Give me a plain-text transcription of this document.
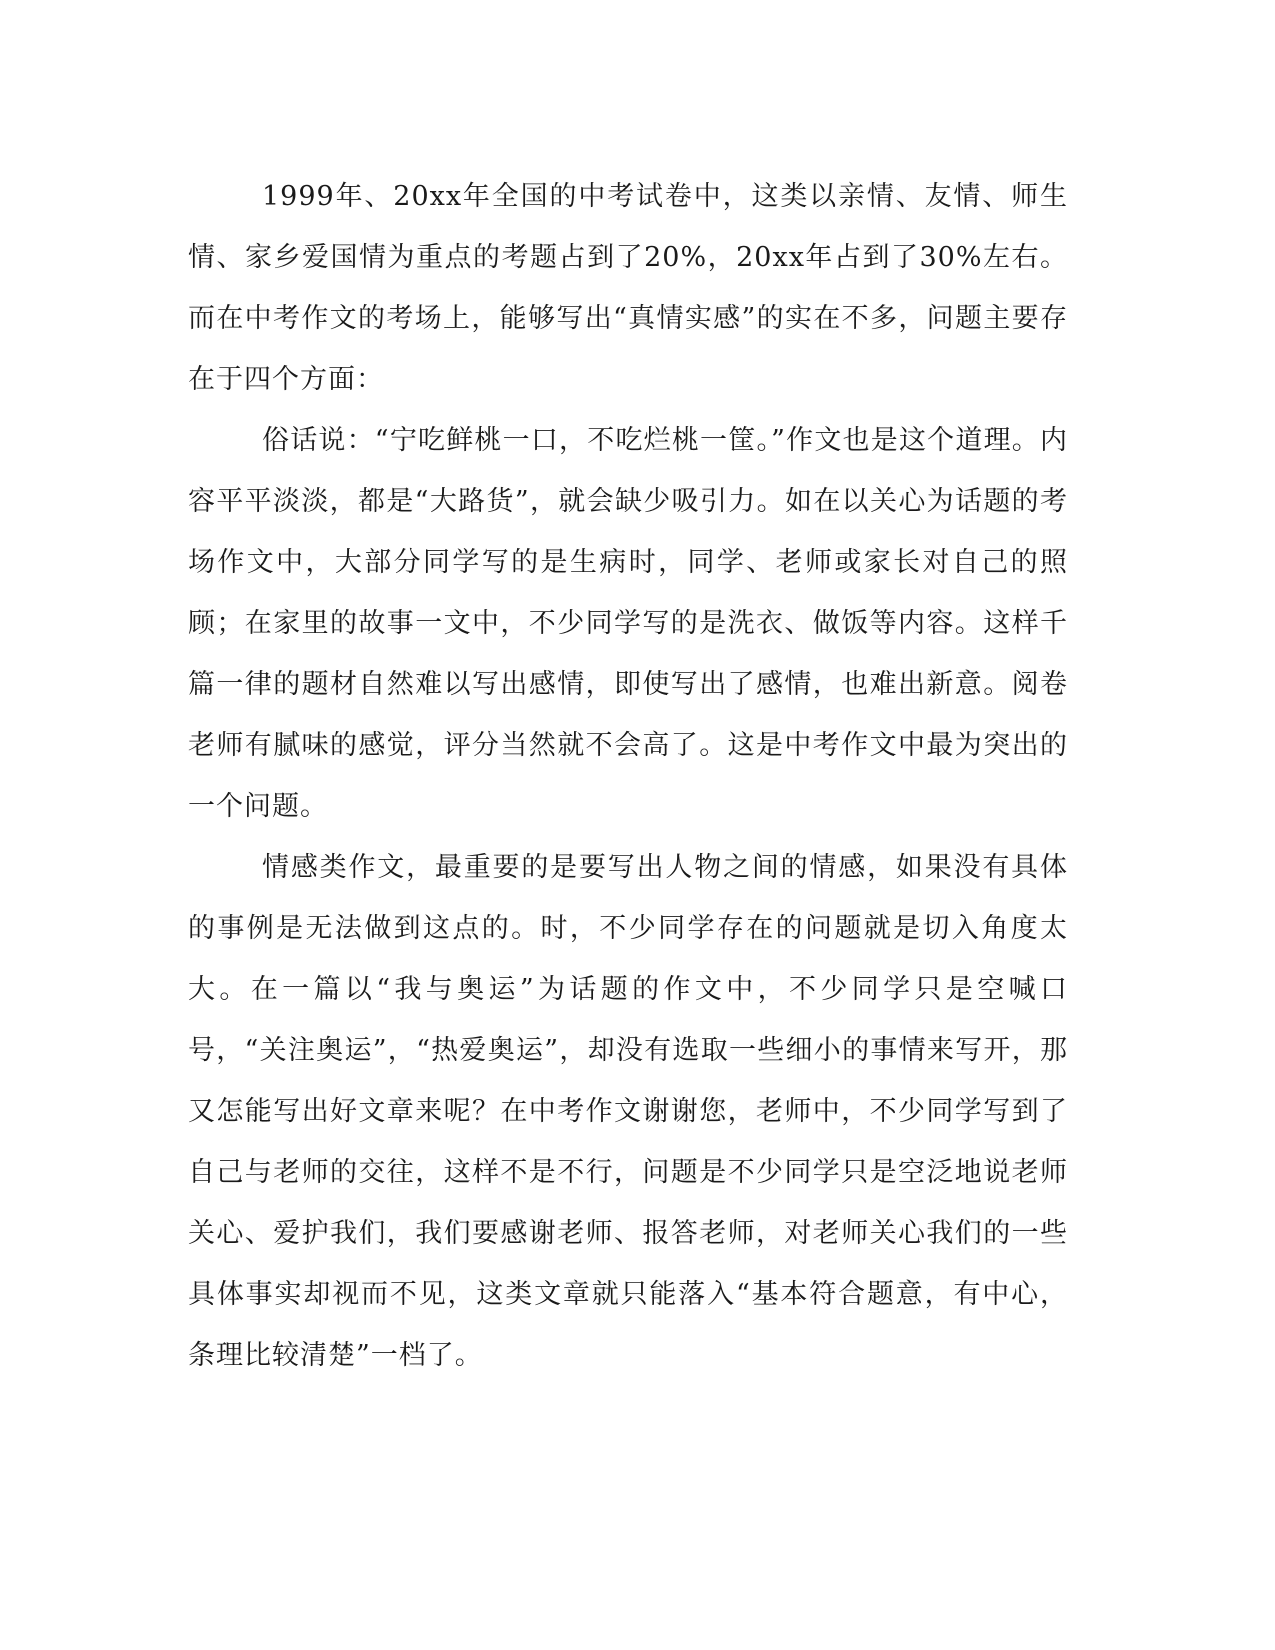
1999年、20xx年全国的中考试卷中，这类以亲情、友情、师生情、家乡爱国情为重点的考题占到了20%，20xx年占到了30%左右。而在中考作文的考场上，能够写出“真情实感”的实在不多，问题主要存在于四个方面：

俗话说：“宁吃鲜桃一口，不吃烂桃一筐。”作文也是这个道理。内容平平淡淡，都是“大路货”，就会缺少吸引力。如在以关心为话题的考场作文中，大部分同学写的是生病时，同学、老师或家长对自己的照顾；在家里的故事一文中，不少同学写的是洗衣、做饭等内容。这样千篇一律的题材自然难以写出感情，即使写出了感情，也难出新意。阅卷老师有腻味的感觉，评分当然就不会高了。这是中考作文中最为突出的一个问题。

情感类作文，最重要的是要写出人物之间的情感，如果没有具体的事例是无法做到这点的。时，不少同学存在的问题就是切入角度太大。在一篇以“我与奥运”为话题的作文中，不少同学只是空喊口号，“关注奥运”，“热爱奥运”，却没有选取一些细小的事情来写开，那又怎能写出好文章来呢？在中考作文谢谢您，老师中，不少同学写到了自己与老师的交往，这样不是不行，问题是不少同学只是空泛地说老师关心、爱护我们，我们要感谢老师、报答老师，对老师关心我们的一些具体事实却视而不见，这类文章就只能落入“基本符合题意，有中心，条理比较清楚”一档了。
